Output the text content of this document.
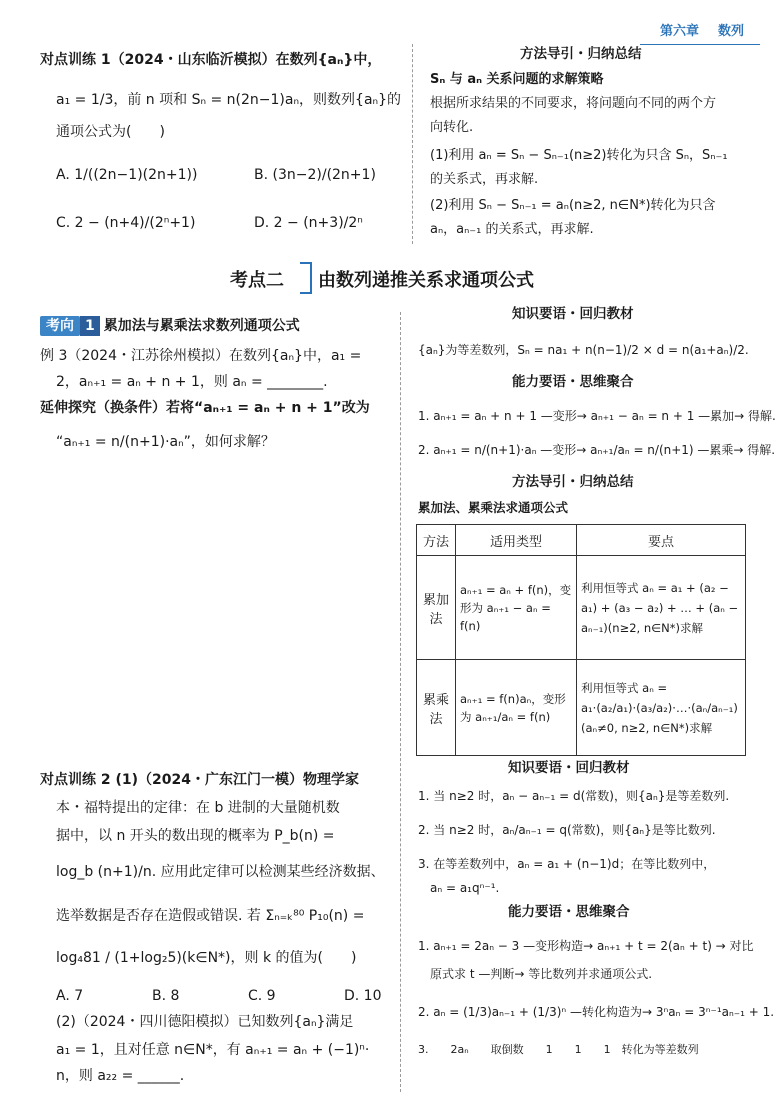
第六章 数列
对点训练 1（2024・山东临沂模拟）在数列{aₙ}中，
a₁ = 1/3，前 n 项和 Sₙ = n(2n−1)aₙ，则数列{aₙ}的
通项公式为(　　)
A. 1/((2n−1)(2n+1))	B. (3n−2)/(2n+1)
C. 2 − (n+4)/(2ⁿ+1)	D. 2 − (n+3)/2ⁿ
方法导引・归纳总结
Sₙ 与 aₙ 关系问题的求解策略
根据所求结果的不同要求，将问题向不同的两个方
向转化.
(1)利用 aₙ = Sₙ − Sₙ₋₁(n≥2)转化为只含 Sₙ，Sₙ₋₁
的关系式，再求解.
(2)利用 Sₙ − Sₙ₋₁ = aₙ(n≥2, n∈N*)转化为只含
aₙ，aₙ₋₁ 的关系式，再求解.
考点二 由数列递推关系求通项公式
考向 1 累加法与累乘法求数列通项公式
例 3（2024・江苏徐州模拟）在数列{aₙ}中，a₁ =
2，aₙ₊₁ = aₙ + n + 1，则 aₙ = ________.
延伸探究（换条件）若将“aₙ₊₁ = aₙ + n + 1”改为
“aₙ₊₁ = n/(n+1)·aₙ”，如何求解？
知识要语・回归教材
{aₙ}为等差数列，Sₙ = na₁ + n(n−1)/2 × d = n(a₁+aₙ)/2.
能力要语・思维聚合
1. aₙ₊₁ = aₙ + n + 1 —变形→ aₙ₊₁ − aₙ = n + 1 —累加→ 得解.
2. aₙ₊₁ = n/(n+1)·aₙ —变形→ aₙ₊₁/aₙ = n/(n+1) —累乘→ 得解.
方法导引・归纳总结
累加法、累乘法求通项公式
方法	适用类型	要点
累加法	aₙ₊₁ = aₙ + f(n)，变形为 aₙ₊₁ − aₙ = f(n)	利用恒等式 aₙ = a₁ + (a₂ − a₁) + (a₃ − a₂) + … + (aₙ − aₙ₋₁)(n≥2, n∈N*)求解
累乘法	aₙ₊₁ = f(n)aₙ，变形为 aₙ₊₁/aₙ = f(n)	利用恒等式 aₙ = a₁·(a₂/a₁)·(a₃/a₂)·…·(aₙ/aₙ₋₁)(aₙ≠0, n≥2, n∈N*)求解
对点训练 2 (1)（2024・广东江门一模）物理学家
本・福特提出的定律：在 b 进制的大量随机数
据中，以 n 开头的数出现的概率为 P_b(n) =
log_b (n+1)/n. 应用此定律可以检测某些经济数据、
选举数据是否存在造假或错误. 若 Σₙ₌ₖ⁸⁰ P₁₀(n) =
log₄81 / (1+log₂5)(k∈N*)，则 k 的值为(　　)
A. 7	B. 8	C. 9	D. 10
(2)（2024・四川德阳模拟）已知数列{aₙ}满足
a₁ = 1，且对任意 n∈N*，有 aₙ₊₁ = aₙ + (−1)ⁿ·
n，则 a₂₂ = ______.
知识要语・回归教材
1. 当 n≥2 时，aₙ − aₙ₋₁ = d(常数)，则{aₙ}是等差数列.
2. 当 n≥2 时，aₙ/aₙ₋₁ = q(常数)，则{aₙ}是等比数列.
3. 在等差数列中，aₙ = a₁ + (n−1)d；在等比数列中，
aₙ = a₁qⁿ⁻¹.
能力要语・思维聚合
1. aₙ₊₁ = 2aₙ − 3 —变形构造→ aₙ₊₁ + t = 2(aₙ + t) → 对比
原式求 t —判断→ 等比数列并求通项公式.
2. aₙ = (1/3)aₙ₋₁ + (1/3)ⁿ —转化构造为→ 3ⁿaₙ = 3ⁿ⁻¹aₙ₋₁ + 1.
3.　　2aₙ　　取倒数　　1　　1　　1　转化为等差数列
